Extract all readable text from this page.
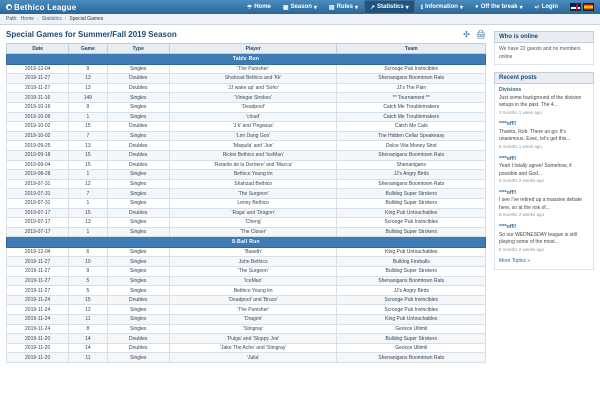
Bethico League	☂ Home ▣ Season ▾ ▤ Rules ▾ ↗ Statistics ▾ ℹ Information ▾ ● Off the break ▾ ↵ Login
Path: Home › Statistics › Special Games
Special Games for Summer/Fall 2019 Season	✣ 🖨
Date	Game	Type	Player	Team
Table Run				
2019-12-04	9	Singles	'The Punisher'	Scrooge Pub Invincibles
2019-11-27	13	Doubles	Shahzad Bethico and 'Kk'	Shenanigans Boomtown Rats
2019-11-27	13	Doubles	'JJ wake up' and 'Soho'	JJ's The Pain
2019-11-16	149	Singles	'Vinegar Strokes'	** Tournament **
2019-10-16	9	Singles	'Deadpool'	Catch Me Troublemakers
2019-10-09	1	Singles	'cloud'	Catch Me Troublemakers
2019-10-02	15	Doubles	'J k' and 'Pegasus'	Catch Me Cats
2019-10-02	7	Singles	'Lim Dang Goo'	The Hidden Cellar Speakeasy
2019-09-25	13	Doubles	'Maquila' and 'Jun'	Dolce Vita Money Shot
2019-09-18	15	Doubles	Rickie Bethico and 'IceMan'	Shenanigans Boomtown Rats
2019-09-04	15	Doubles	'Rotarile de la Derriere' and 'Macca'	Shenanigans
2019-08-28	1	Singles	Bethico Young lm	JJ's Angry Birds
2019-07-31	12	Singles	Shahzad Bethico	Shenanigans Boomtown Rats
2019-07-31	7	Singles	'The Surgeon'	Bulldog Super Strokers
2019-07-31	1	Singles	Lenny Bethico	Bulldog Super Strokers
2019-07-17	15	Doubles	'Raga' and 'Dragon'	King Pub Untouchables
2019-07-17	13	Singles	'Cheng'	Scrooge Pub Invincibles
2019-07-17	1	Singles	'The Closer'	Bulldog Super Strokers
8-Ball Run				
2019-12-04	6	Singles	'Baseth'	King Pub Untouchables
2019-11-27	10	Singles	John Bethico	Bulldog Fireballs
2019-11-27	9	Singles	'The Surgeon'	Bulldog Super Strokers
2019-11-27	5	Singles	'IceMan'	Shenanigans Boomtown Rats
2019-11-27	5	Singles	Bethico Young lm	JJ's Angry Birds
2019-11-24	15	Doubles	'Deadpool' and 'Bruce'	Scrooge Pub Invincibles
2019-11-24	12	Singles	'The Punisher'	Scrooge Pub Invincibles
2019-11-24	11	Singles	'Dragon'	King Pub Untouchables
2019-11-24	8	Singles	'Stingray'	Geckos Ultimil
2019-11-20	14	Doubles	'Pulga' and 'Sloppy Joe'	Bulldog Super Strokers
2019-11-20	14	Doubles	'Jake The Ache' and 'Stingray'	Geckos Ultimil
2019-11-20	11	Singles	'Julia'	Shenanigans Boomtown Rats
Who is online
We have 22 guests and no members online
Recent posts
Divisions
Just some background of the division setups in the past. The 4...
2 months 1 week ago
****off!!
Thanks, Rob. There uo go: It's unanimous. Exec, let's get this...
8 months 1 week ago
****off!!
Yeah I totally agree! Somehow, if possible and God...
8 months 2 weeks ago
****off!!
I see I've retired up a massive debate here, so at the risk of...
8 months 2 weeks ago
****off!!
So our WEDNESDAY league is still playing some of the most...
8 months 2 weeks ago
More Topics »
